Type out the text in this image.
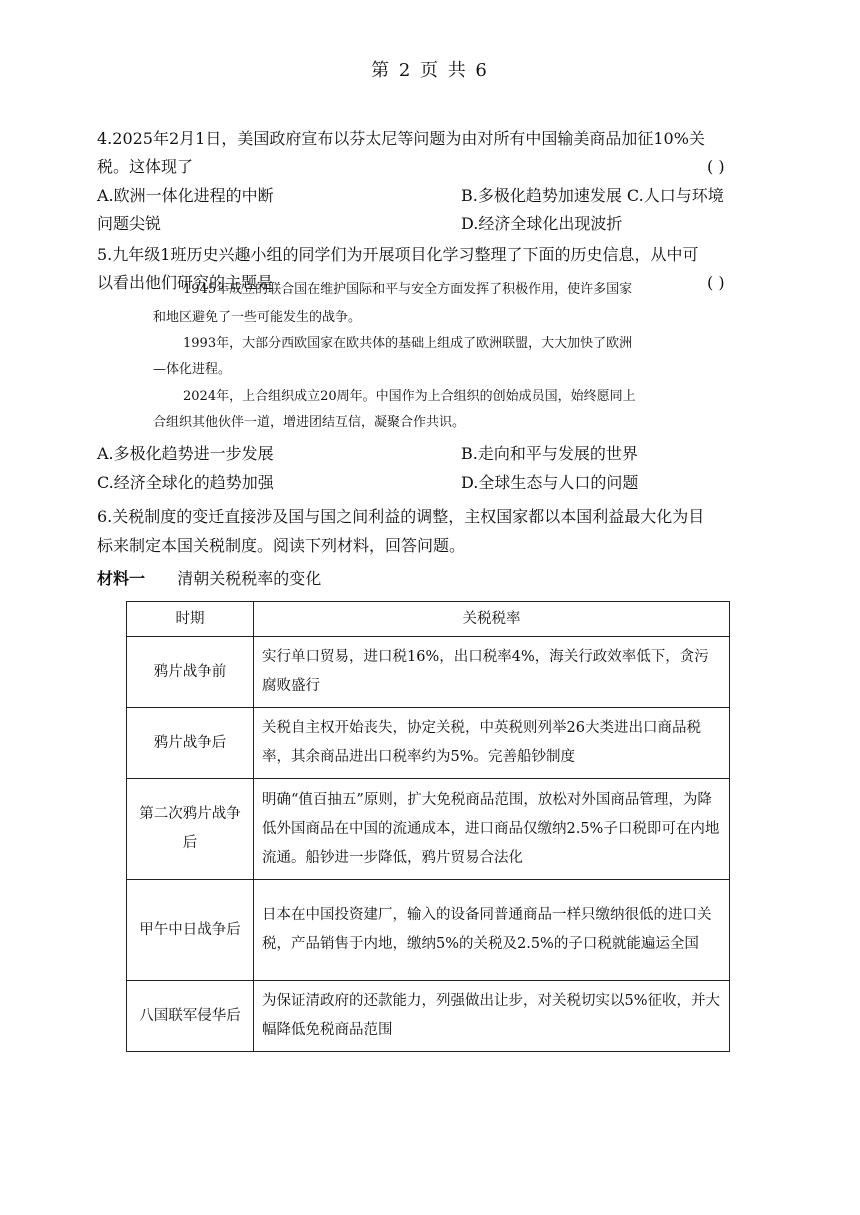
第 2 页 共 6
4.2025年2月1日，美国政府宣布以芬太尼等问题为由对所有中国输美商品加征10%关
税。这体现了	( )
A.欧洲一体化进程的中断	B.多极化趋势加速发展 C.人口与环境
问题尖锐	D.经济全球化出现波折
5.九年级1班历史兴趣小组的同学们为开展项目化学习整理了下面的历史信息，从中可
以看出他们研究的主题是	( )
1945年成立的联合国在维护国际和平与安全方面发挥了积极作用，使许多国家
和地区避免了一些可能发生的战争。
1993年，大部分西欧国家在欧共体的基础上组成了欧洲联盟，大大加快了欧洲
—体化进程。
2024年，上合组织成立20周年。中国作为上合组织的创始成员国，始终愿同上
合组织其他伙伴一道，增进团结互信，凝聚合作共识。
A.多极化趋势进一步发展	B.走向和平与发展的世界
C.经济全球化的趋势加强	D.全球生态与人口的问题
6.关税制度的变迁直接涉及国与国之间利益的调整，主权国家都以本国利益最大化为目
标来制定本国关税制度。阅读下列材料，回答问题。
材料一 清朝关税税率的变化
时期	关税税率
鸦片战争前	实行单口贸易，进口税16%，出口税率4%，海关行政效率低下，贪污腐败盛行
鸦片战争后	关税自主权开始丧失，协定关税，中英税则列举26大类进出口商品税率，其余商品进出口税率约为5%。完善船钞制度
第二次鸦片战争后	明确“值百抽五”原则，扩大免税商品范围，放松对外国商品管理，为降低外国商品在中国的流通成本，进口商品仅缴纳2.5%子口税即可在内地流通。船钞进一步降低，鸦片贸易合法化
甲午中日战争后	日本在中国投资建厂，输入的设备同普通商品一样只缴纳很低的进口关税，产品销售于内地，缴纳5%的关税及2.5%的子口税就能遍运全国
八国联军侵华后	为保证清政府的还款能力，列强做出让步，对关税切实以5%征收，并大幅降低免税商品范围
